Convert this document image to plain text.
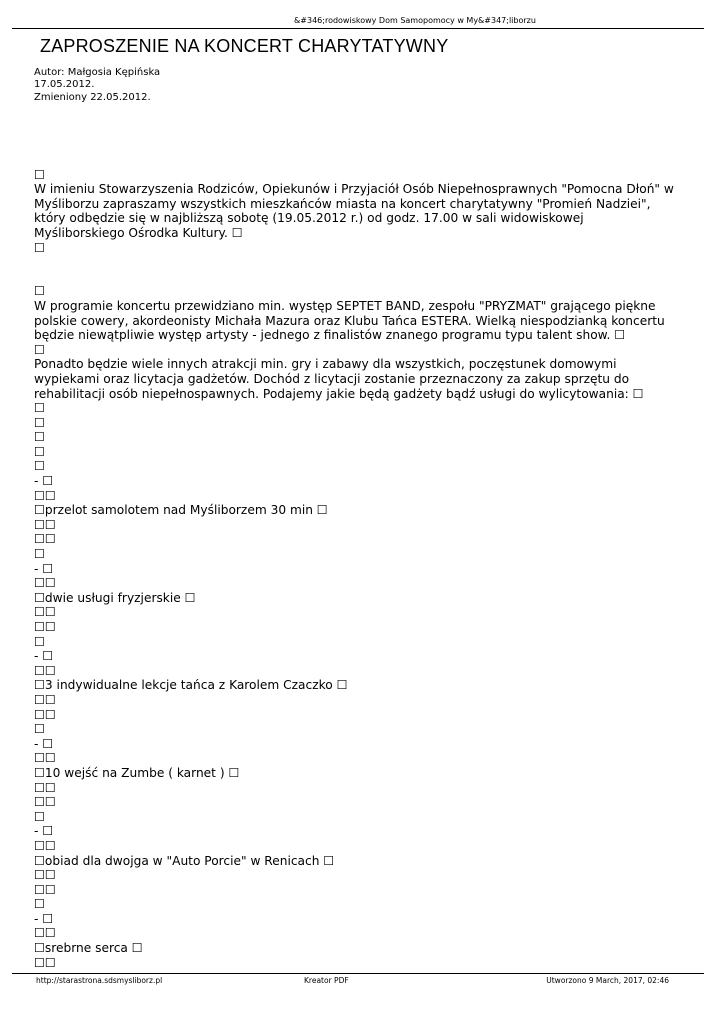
&#346;rodowiskowy Dom Samopomocy w My&#347;liborzu
ZAPROSZENIE NA KONCERT CHARYTATYWNY
Autor: Małgosia Kępińska
17.05.2012.
Zmieniony 22.05.2012.
☐
W imieniu Stowarzyszenia Rodziców, Opiekunów i Przyjaciół Osób Niepełnosprawnych "Pomocna Dłoń" w
Myśliborzu zapraszamy wszystkich mieszkańców miasta na koncert charytatywny "Promień Nadziei",
który odbędzie się w najbliższą sobotę (19.05.2012 r.) od godz. 17.00 w sali widowiskowej
Myśliborskiego Ośrodka Kultury. ☐
☐
☐
W programie koncertu przewidziano min. występ SEPTET BAND, zespołu "PRYZMAT" grającego piękne
polskie cowery, akordeonisty Michała Mazura oraz Klubu Tańca ESTERA. Wielką niespodzianką koncertu
będzie niewątpliwie występ artysty - jednego z finalistów znanego programu typu talent show. ☐
☐
Ponadto będzie wiele innych atrakcji min. gry i zabawy dla wszystkich, poczęstunek domowymi
wypiekami oraz licytacja gadżetów. Dochód z licytacji zostanie przeznaczony za zakup sprzętu do
rehabilitacji osób niepełnospawnych. Podajemy jakie będą gadżety bądź usługi do wylicytowania: ☐
☐
☐
☐
☐
☐
- ☐
☐☐
☐przelot samolotem nad Myśliborzem 30 min ☐
☐☐
☐☐
☐
- ☐
☐☐
☐dwie usługi fryzjerskie ☐
☐☐
☐☐
☐
- ☐
☐☐
☐3 indywidualne lekcje tańca z Karolem Czaczko ☐
☐☐
☐☐
☐
- ☐
☐☐
☐10 wejść na Zumbe ( karnet ) ☐
☐☐
☐☐
☐
- ☐
☐☐
☐obiad dla dwojga w "Auto Porcie" w Renicach ☐
☐☐
☐☐
☐
- ☐
☐☐
☐srebrne serca ☐
☐☐
http://starastrona.sdsmysliborz.pl	Kreator PDF	Utworzono 9 March, 2017, 02:46
